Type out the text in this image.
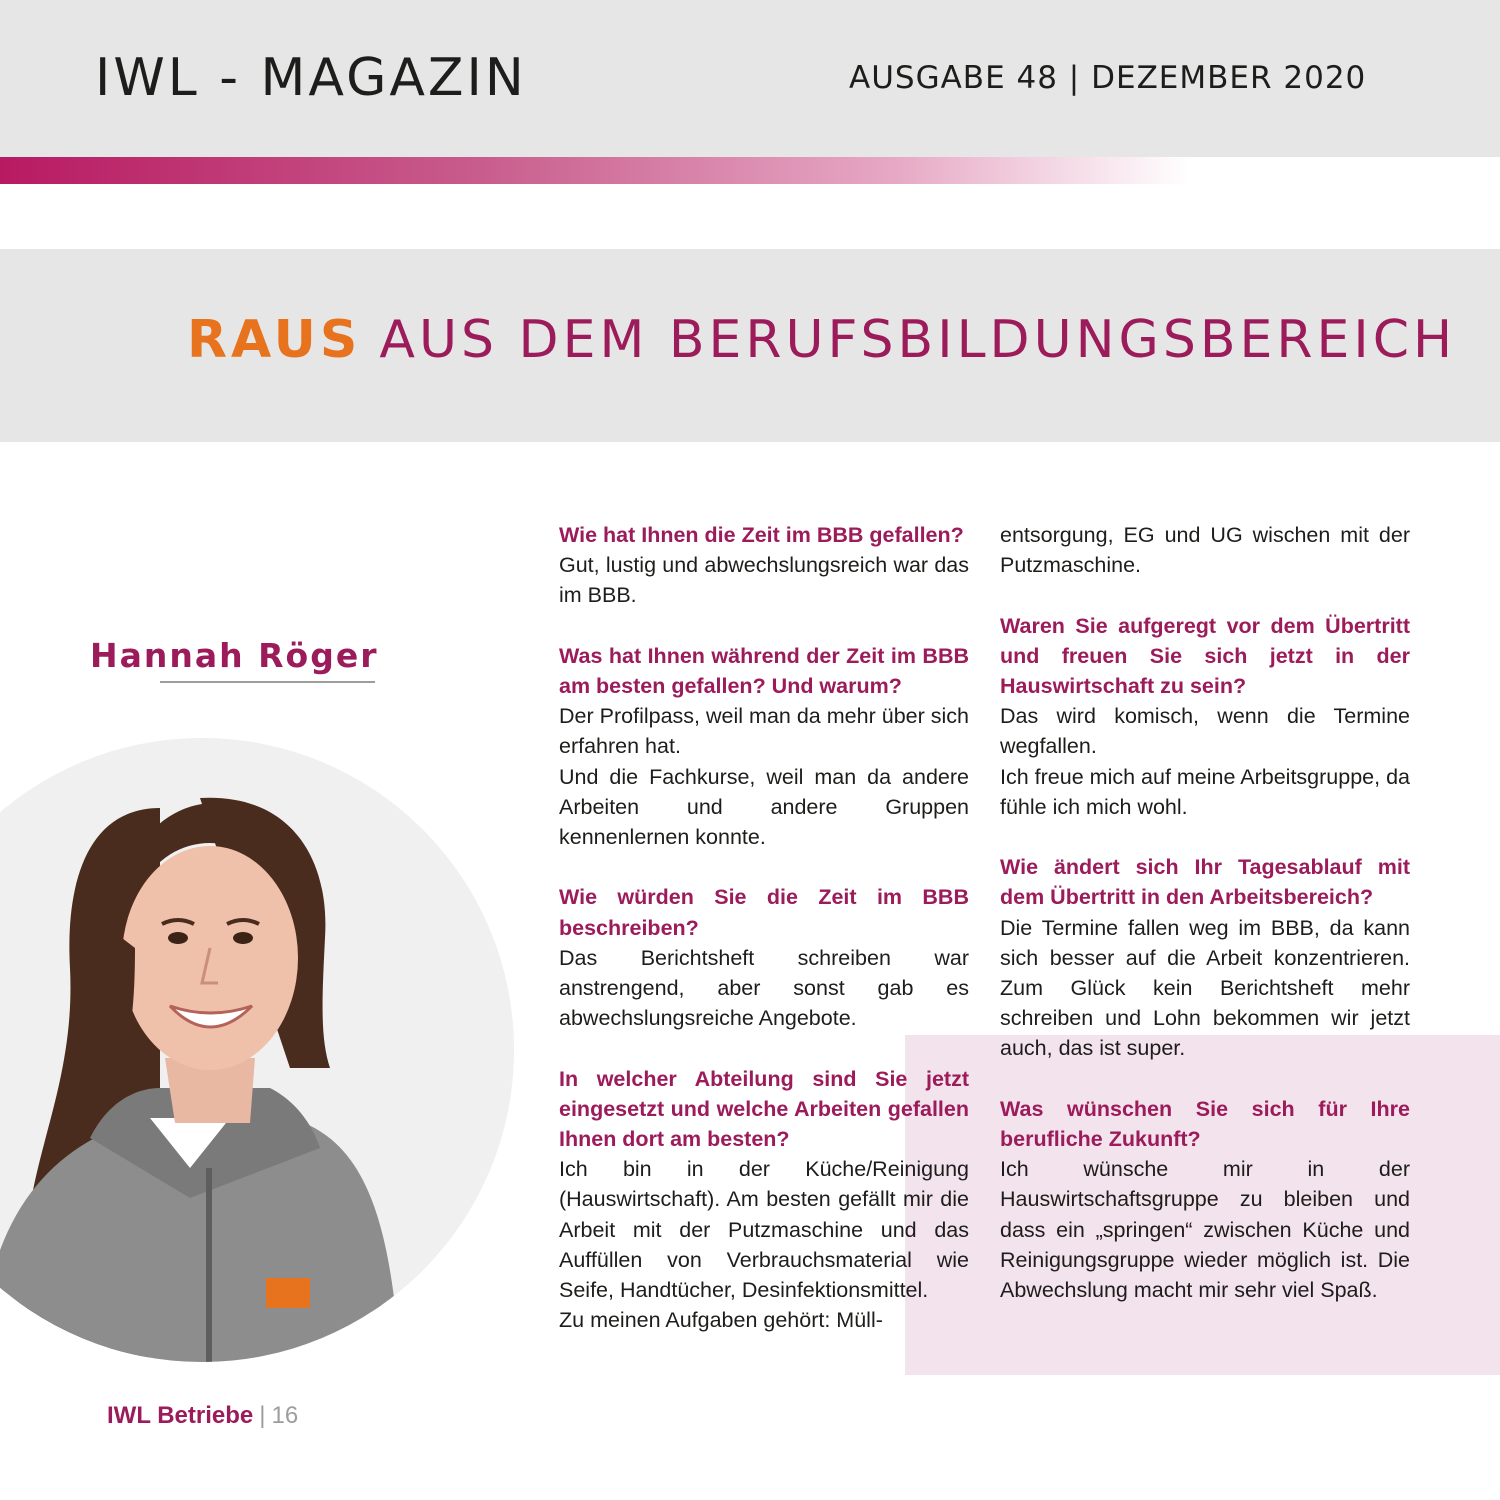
IWL - MAGAZIN	AUSGABE 48 | DEZEMBER 2020
RAUS AUS DEM BERUFSBILDUNGSBEREICH
Hannah Röger

Wie hat Ihnen die Zeit im BBB gefallen?
Gut, lustig und abwechslungsreich war das im BBB.

Was hat Ihnen während der Zeit im BBB am besten gefallen? Und warum?
Der Profilpass, weil man da mehr über sich erfahren hat.
Und die Fachkurse, weil man da andere Arbeiten und andere Gruppen kennenlernen konnte.

Wie würden Sie die Zeit im BBB beschreiben?
Das Berichtsheft schreiben war anstrengend, aber sonst gab es abwechslungsreiche Angebote.

In welcher Abteilung sind Sie jetzt eingesetzt und welche Arbeiten gefallen Ihnen dort am besten?
Ich bin in der Küche/Reinigung (Hauswirtschaft). Am besten gefällt mir die Arbeit mit der Putzmaschine und das Auffüllen von Verbrauchsmaterial wie Seife, Handtücher, Desinfektionsmittel.
Zu meinen Aufgaben gehört: Müll-

entsorgung, EG und UG wischen mit der Putzmaschine.

Waren Sie aufgeregt vor dem Übertritt und freuen Sie sich jetzt in der Hauswirtschaft zu sein?
Das wird komisch, wenn die Termine wegfallen.
Ich freue mich auf meine Arbeitsgruppe, da fühle ich mich wohl.

Wie ändert sich Ihr Tagesablauf mit dem Übertritt in den Arbeitsbereich?
Die Termine fallen weg im BBB, da kann sich besser auf die Arbeit konzentrieren. Zum Glück kein Berichtsheft mehr schreiben und Lohn bekommen wir jetzt auch, das ist super.

Was wünschen Sie sich für Ihre berufliche Zukunft?
Ich wünsche mir in der Hauswirtschaftsgruppe zu bleiben und dass ein „springen“ zwischen Küche und Reinigungsgruppe wieder möglich ist. Die Abwechslung macht mir sehr viel Spaß.

IWL Betriebe | 16
